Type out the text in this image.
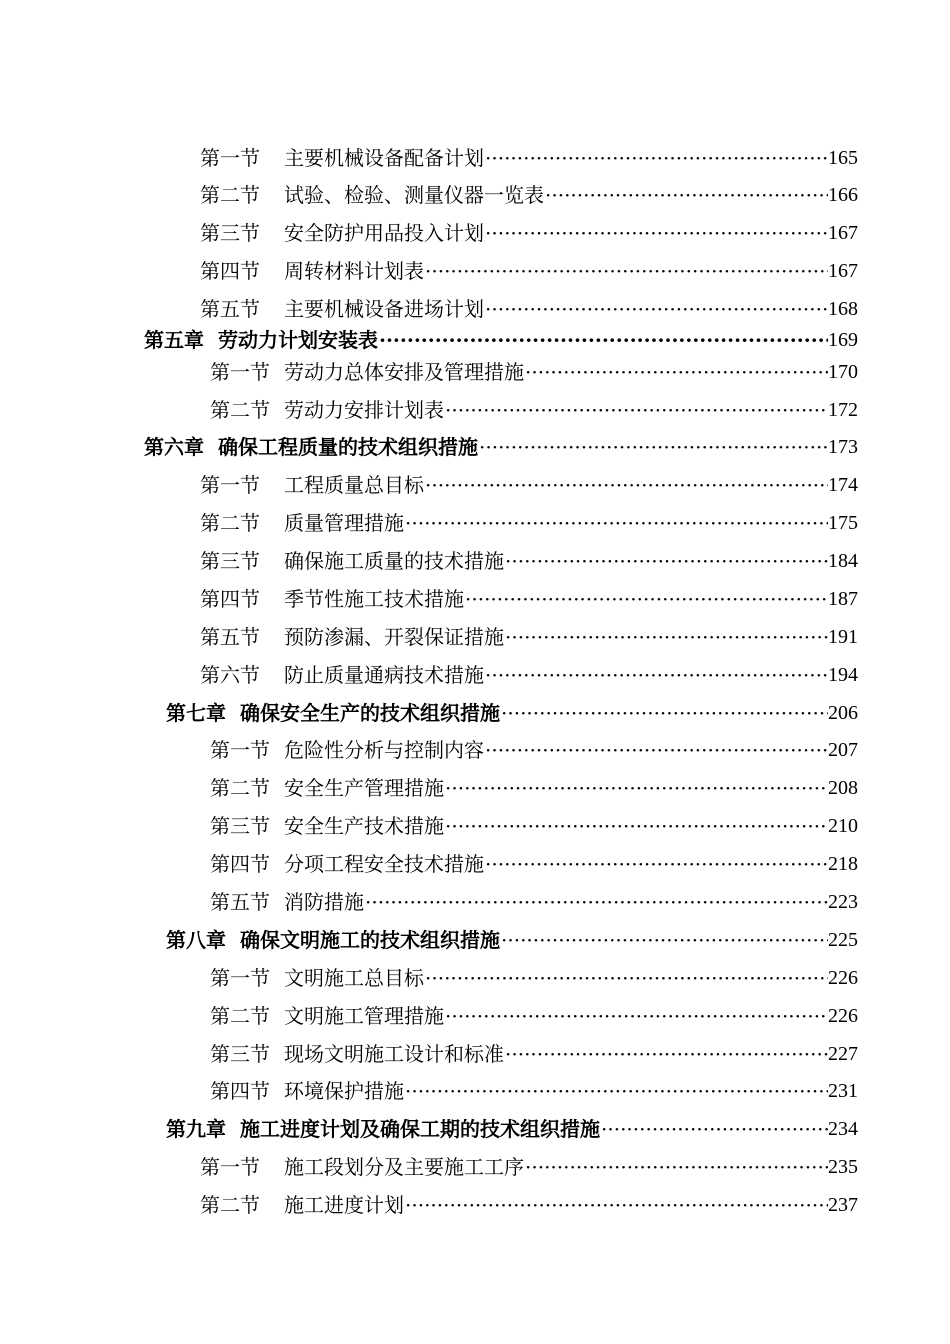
第一节 主要机械设备配备计划 ·····	165
第二节 试验、检验、测量仪器一览表 ·····	166
第三节 安全防护用品投入计划 ·····	167
第四节 周转材料计划表 ·····	167
第五节 主要机械设备进场计划 ·····	168
第五章 劳动力计划安装表 ·····	169
第一节 劳动力总体安排及管理措施 ·····	170
第二节 劳动力安排计划表 ·····	172
第六章 确保工程质量的技术组织措施 ·····	173
第一节 工程质量总目标 ·····	174
第二节 质量管理措施 ·····	175
第三节 确保施工质量的技术措施 ·····	184
第四节 季节性施工技术措施 ·····	187
第五节 预防渗漏、开裂保证措施 ·····	191
第六节 防止质量通病技术措施 ·····	194
第七章 确保安全生产的技术组织措施 ·····	206
第一节 危险性分析与控制内容 ·····	207
第二节 安全生产管理措施 ·····	208
第三节 安全生产技术措施 ·····	210
第四节 分项工程安全技术措施 ·····	218
第五节 消防措施 ·····	223
第八章 确保文明施工的技术组织措施 ·····	225
第一节 文明施工总目标 ·····	226
第二节 文明施工管理措施 ·····	226
第三节 现场文明施工设计和标准 ·····	227
第四节 环境保护措施 ·····	231
第九章 施工进度计划及确保工期的技术组织措施 ·····	234
第一节 施工段划分及主要施工工序 ·····	235
第二节 施工进度计划 ·····	237
